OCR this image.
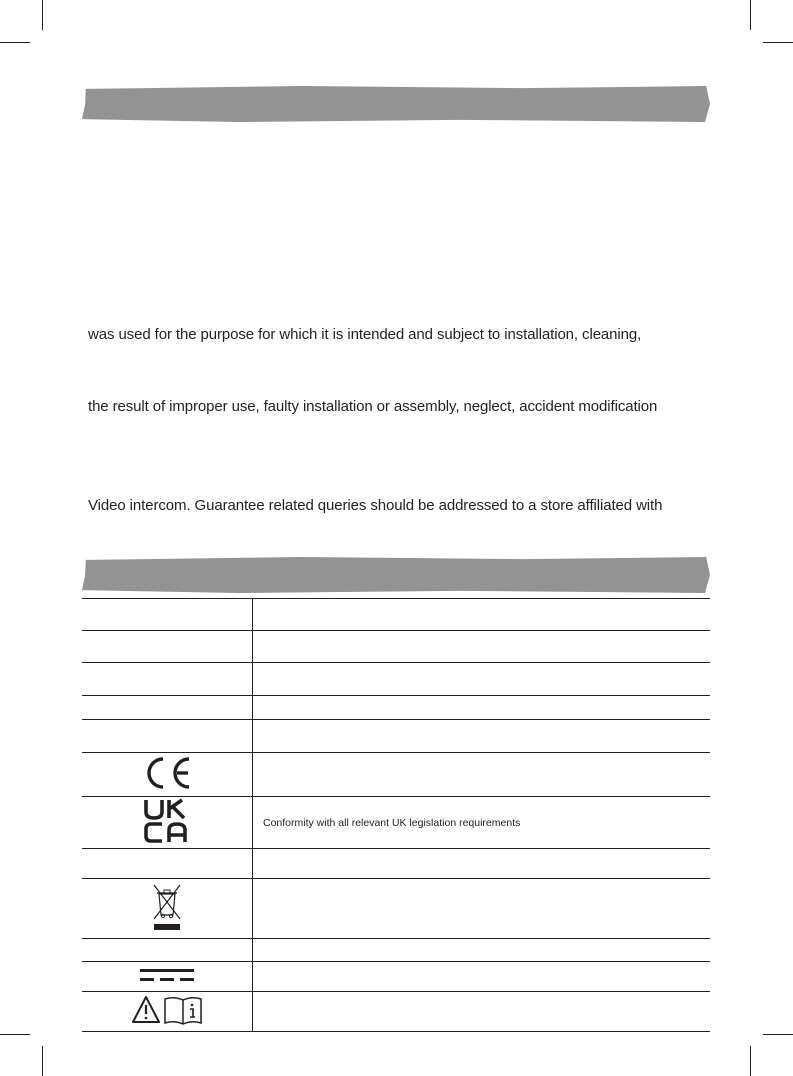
was used for the purpose for which it is intended and subject to installation, cleaning,

the result of improper use, faulty installation or assembly, neglect, accident modification

Video intercom. Guarantee related queries should be addressed to a store affiliated with

	Conformity with all relevant UK legislation requirements
